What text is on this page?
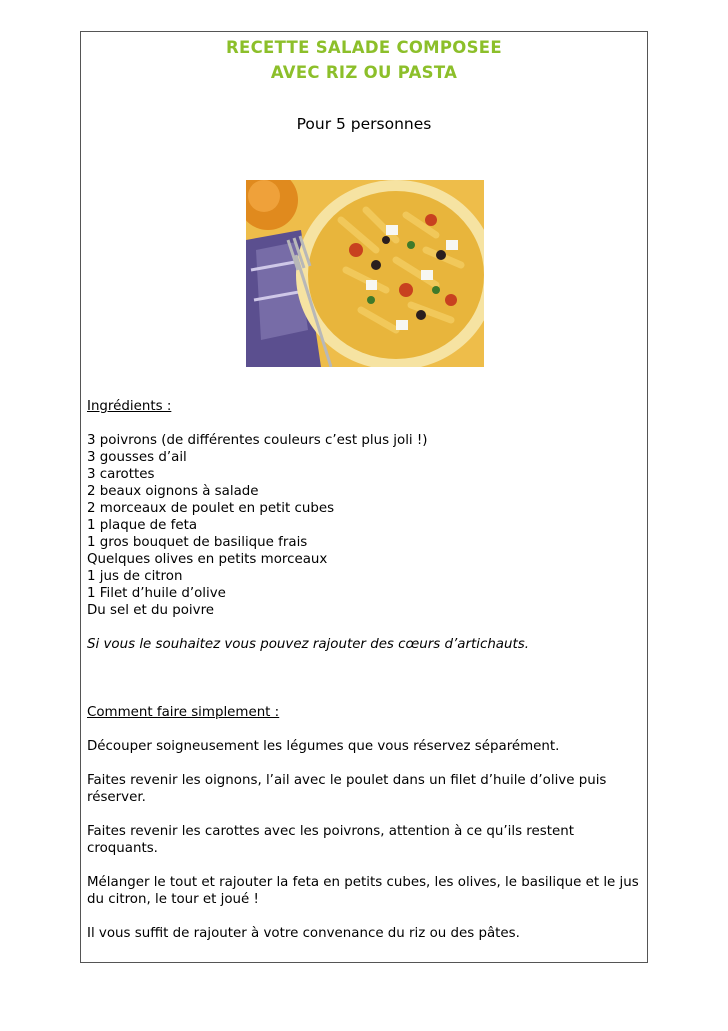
RECETTE SALADE COMPOSEE
AVEC RIZ OU PASTA
Pour 5 personnes
Ingrédients :
3 poivrons (de différentes couleurs c’est plus joli !)
3 gousses d’ail
3 carottes
2 beaux oignons à salade
2 morceaux de poulet en petit cubes
1 plaque de feta
1 gros bouquet de basilique frais
Quelques olives en petits morceaux
1 jus de citron
1 Filet d’huile d’olive
Du sel et du poivre
Si vous le souhaitez vous pouvez rajouter des cœurs d’artichauts.
Comment faire simplement :
Découper soigneusement les légumes que vous réservez séparément.
Faites revenir les oignons, l’ail avec le poulet dans un filet d’huile d’olive puis
réserver.
Faites revenir les carottes avec les poivrons, attention à ce qu’ils restent
croquants.
Mélanger le tout et rajouter la feta en petits cubes, les olives, le basilique et le jus
du citron, le tour et joué !
Il vous suffit de rajouter à votre convenance du riz ou des pâtes.
